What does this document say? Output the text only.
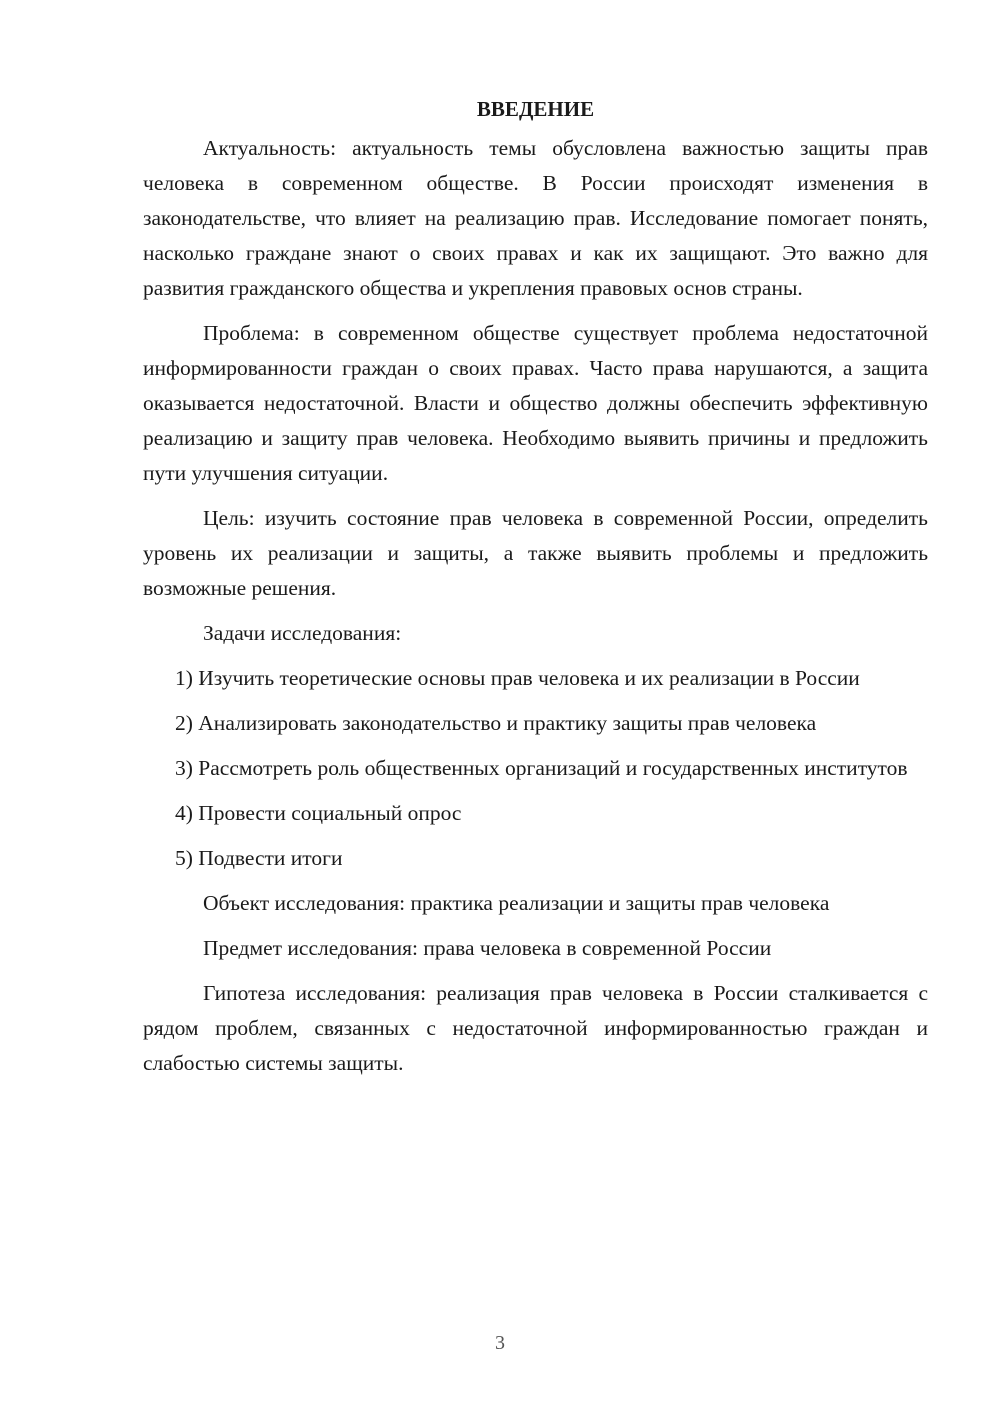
ВВЕДЕНИЕ

Актуальность: актуальность темы обусловлена важностью защиты прав человека в современном обществе. В России происходят изменения в законодательстве, что влияет на реализацию прав. Исследование помогает понять, насколько граждане знают о своих правах и как их защищают. Это важно для развития гражданского общества и укрепления правовых основ страны.

Проблема: в современном обществе существует проблема недостаточной информированности граждан о своих правах. Часто права нарушаются, а защита оказывается недостаточной. Власти и общество должны обеспечить эффективную реализацию и защиту прав человека. Необходимо выявить причины и предложить пути улучшения ситуации.

Цель: изучить состояние прав человека в современной России, определить уровень их реализации и защиты, а также выявить проблемы и предложить возможные решения.

Задачи исследования:

1) Изучить теоретические основы прав человека и их реализации в России

2) Анализировать законодательство и практику защиты прав человека

3) Рассмотреть роль общественных организаций и государственных институтов

4) Провести социальный опрос

5) Подвести итоги

Объект исследования: практика реализации и защиты прав человека

Предмет исследования: права человека в современной России

Гипотеза исследования: реализация прав человека в России сталкивается с рядом проблем, связанных с недостаточной информированностью граждан и слабостью системы защиты.

3
